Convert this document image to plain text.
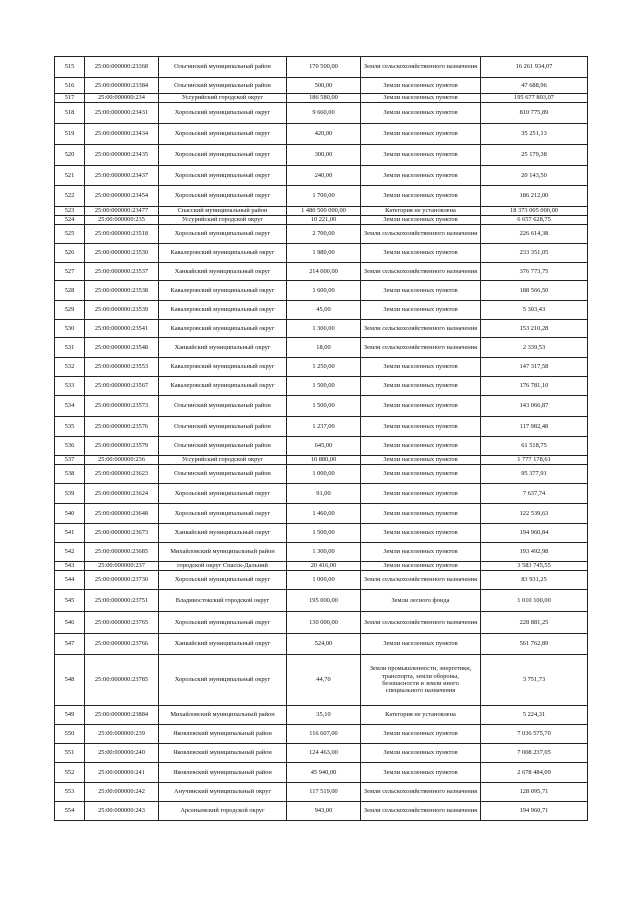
515	25:00:000000:23368	Ольгинский муниципальный район	170 500,00	Земли сельскохозяйственного назначения	16 261 934,07
516	25:00:000000:23384	Ольгинский муниципальный район	500,00	Земли населенных пунктов	47 688,96
517	25:00:000000:234	Уссурийский городской округ	186 580,00	Земли населенных пунктов	195 677 803,07
518	25:00:000000:23431	Хорольский муниципальный округ	9 660,00	Земли населенных пунктов	810 775,89
519	25:00:000000:23434	Хорольский муниципальный округ	420,00	Земли населенных пунктов	35 251,13
520	25:00:000000:23435	Хорольский муниципальный округ	300,00	Земли населенных пунктов	25 179,38
521	25:00:000000:23437	Хорольский муниципальный округ	240,00	Земли населенных пунктов	20 143,50
522	25:00:000000:23454	Хорольский муниципальный округ	1 700,00	Земли населенных пунктов	186 212,00
523	25:00:000000:23477	Спасский муниципальный район	1 480 500 000,00	Категория не установлена	18 373 005 000,00
524	25:00:000000:235	Уссурийский городской округ	10 221,00	Земли населенных пунктов	6 657 628,75
525	25:00:000000:23518	Хорольский муниципальный округ	2 700,00	Земли сельскохозяйственного назначения	226 614,38
526	25:00:000000:23530	Кавалеровский муниципальный округ	1 980,00	Земли населенных пунктов	233 351,05
527	25:00:000000:23537	Ханкайский муниципальный округ	214 000,00	Земли сельскохозяйственного назначения	376 773,75
528	25:00:000000:23538	Кавалеровский муниципальный округ	1 600,00	Земли населенных пунктов	188 566,50
529	25:00:000000:23539	Кавалеровский муниципальный округ	45,00	Земли населенных пунктов	5 303,43
530	25:00:000000:23541	Кавалеровский муниципальный округ	1 300,00	Земли сельскохозяйственного назначения	153 210,28
531	25:00:000000:23548	Ханкайский муниципальный округ	18,00	Земли сельскохозяйственного назначения	2 339,53
532	25:00:000000:23553	Кавалеровский муниципальный округ	1 250,00	Земли населенных пунктов	147 317,58
533	25:00:000000:23567	Кавалеровский муниципальный округ	1 500,00	Земли населенных пунктов	176 781,10
534	25:00:000000:23573	Ольгинский муниципальный район	1 500,00	Земли населенных пунктов	143 066,87
535	25:00:000000:23576	Ольгинский муниципальный район	1 237,00	Земли населенных пунктов	117 982,48
536	25:00:000000:23579	Ольгинский муниципальный район	645,00	Земли населенных пунктов	61 518,75
537	25:00:000000:236	Уссурийский городской округ	10 880,00	Земли населенных пунктов	1 777 178,61
538	25:00:000000:23623	Ольгинский муниципальный район	1 000,00	Земли населенных пунктов	95 377,91
539	25:00:000000:23624	Хорольский муниципальный округ	91,00	Земли населенных пунктов	7 637,74
540	25:00:000000:23648	Хорольский муниципальный округ	1 460,00	Земли населенных пунктов	122 539,63
541	25:00:000000:23673	Ханкайский муниципальный округ	1 500,00	Земли населенных пунктов	194 960,84
542	25:00:000000:23685	Михайловский муниципальный район	1 300,00	Земли населенных пунктов	193 492,98
543	25:00:000000:237	городской округ Спасск-Дальний	20 416,00	Земли населенных пунктов	3 583 745,55
544	25:00:000000:23730	Хорольский муниципальный округ	1 000,00	Земли сельскохозяйственного назначения	83 931,25
545	25:00:000000:23751	Владивостокский городской округ	195 000,00	Земли лесного фонда	1 010 100,00
546	25:00:000000:23765	Хорольский муниципальный округ	130 000,00	Земли сельскохозяйственного назначения	228 881,25
547	25:00:000000:23766	Ханкайский муниципальный округ	524,00	Земли населенных пунктов	561 762,89
548	25:00:000000:23785	Хорольский муниципальный округ	44,70	Земли промышленности, энергетики, транспорта, земли обороны, безопасности и земли иного специального назначения	3 751,73
549	25:00:000000:23884	Михайловский муниципальный район	35,10	Категория не установлена	5 224,31
550	25:00:000000:239	Яковлевский муниципальный район	116 607,00	Земли населенных пунктов	7 036 575,70
551	25:00:000000:240	Яковлевский муниципальный район	124 463,00	Земли населенных пунктов	7 008 237,05
552	25:00:000000:241	Яковлевский муниципальный район	45 940,00	Земли населенных пунктов	2 678 484,09
553	25:00:000000:242	Анучинский муниципальный округ	117 519,00	Земли сельскохозяйственного назначения	128 095,71
554	25:00:000000:243	Арсеньевский городской округ	943,00	Земли сельскохозяйственного назначения	194 960,71
